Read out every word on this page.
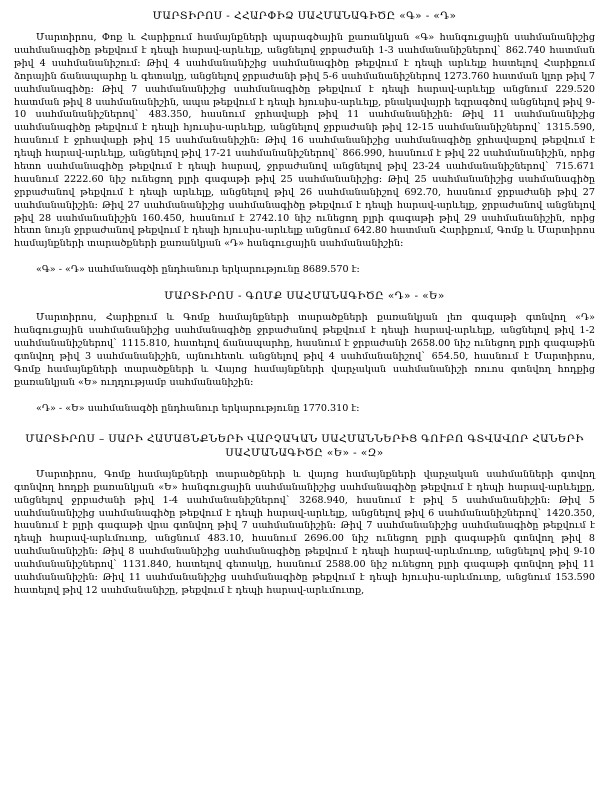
ՄԱՐՏԻՐՈՍ - ՀՀԱՐՓԻՁ ՍԱՀՄԱՆԱԳԻԾԸ «Գ» - «Դ»

Մարտիրոս, Փոք և Հարիքում համայնքների պարագծային քառանկյան «Գ» հանգուցային սահմանանիշից սահմանագիծը թեքվում է դեպի հարավ-արևելք, անցնելով ջրբաժանի 1-3 սահմանանիշներով` 862.740 հատման թիվ 4 սահմանանիշում։ Թիվ 4 սահմանանիշից սահմանագիծը թեքվում է դեպի արևելք հատելով Հարիքում ձորային ճանապարհը և գետակը, անցնելով ջրբաժանի թիվ 5-6 սահմանանիշներով 1273.760 հատման կլոր թիվ 7 սահմանագիծը։ Թիվ 7 սահմանանիշից սահմանագիծը թեքվում է դեպի հարավ-արևելք անցնում 229.520 հատման թիվ 8 սահմանանիշին, ապա թեքվում է դեպի հյուսիս-արևելք, բնակավայրի եզրագծով անցնելով թիվ 9-10 սահմանանիշներով` 483.350, հասնում ջրհավաքի թիվ 11 սահմանանիշին։ Թիվ 11 սահմանանիշից սահմանագիծը թեքվում է դեպի հյուսիս-արևելք, անցնելով ջրբաժանի թիվ 12-15 սահմանանիշներով` 1315.590, հասնում է ջրհավաքի թիվ 15 սահմանանիշին։ Թիվ 16 սահմանանիշից սահմանագիծը ջրհավաքով թեքվում է դեպի հարավ-արևելք, անցնելով թիվ 17-21 սահմանանիշներով` 866.990, հասնում է թիվ 22 սահմանանիշին, որից հետո սահմանագիծը թեքվում է դեպի հարավ, ջրբաժանով անցնելով թիվ 23-24 սահմանանիշներով` 715.671 հասնում 2222.60 նիշ ունեցող բլրի գագաթի թիվ 25 սահմանանիշից։ Թիվ 25 սահմանանիշից սահմանագիծը ջրբաժանով թեքվում է դեպի արևելք, անցնելով թիվ 26 սահմանանիշով 692.70, հասնում ջրբաժանի թիվ 27 սահմանանիշին։ Թիվ 27 սահմանանիշից սահմանագիծը թեքվում է դեպի հարավ-արևելք, ջրբաժանով անցնելով թիվ 28 սահմանանիշին 160.450, հասնում է 2742.10 նիշ ունեցող բլրի գագաթի թիվ 29 սահմանանիշին, որից հետո նույն ջրբաժանով թեքվում է դեպի հյուսիս-արևելք անցնում 642.80 հատման Հարիքում, Գոմք և Մարտիրոս համայնքների տարածքների քառանկյան «Դ» հանգուցային սահմանանիշին։

«Գ» - «Դ» սահմանագծի ընդհանուր երկարությունը 8689.570 է։

ՄԱՐՏԻՐՈՍ - ԳՈՄՔ ՍԱՀՄԱՆԱԳԻԾԸ «Դ» - «Ե»

Մարտիրոս, Հարիքում և Գոմք համայնքների տարածքների քառանկյան լեռ գագաթի գտնվող «Դ» հանգուցային սահմանանիշից սահմանագիծը ջրբաժանով թեքվում է դեպի հարավ-արևելք, անցնելով թիվ 1-2 սահմանանիշներով` 1115.810, հատելով ճանապարհը, հասնում է ջրբաժանի 2658.00 նիշ ունեցող բլրի գագաթին գտնվող թիվ 3 սահմանանիշին, այնուհետև անցնելով թիվ 4 սահմանանիշով` 654.50, հասնում է Մարտիրոս, Գոմք համայնքների տարածքների և Վայոց համայնքների վարչական սահմանանիշի ռուոս գտնվող հոդքից քառանկյան «Ե» ուղղությամբ սահմանանիշին։

«Դ» - «Ե» սահմանագծի ընդհանուր երկարությունը 1770.310 է։

ՄԱՐՏԻՐՈՍ – ՍԱՐԻ ՀԱՄԱՅՆՔՆԵՐԻ ՎԱՐՉԱԿԱՆ ՍԱՀՄԱՆՆԵՐԻՑ ԳՈՒԲՈ ԳՏՎԱՎՈՐ ՀԱՆԵՐԻ
ՍԱՀՄԱՆԱԳԻԾԸ «Ե» - «Զ»

Մարտիրոս, Գոմք համայնքների տարածքների և վայոց համայնքների վարչական սահմանների գտվող գտնվող հոդքի քառանկյան «Ե» հանգուցային սահմանանիշից սահմանագիծը թեքվում է դեպի հարավ-արևելքը, անցնելով ջրբաժանի թիվ 1-4 սահմանանիշներով` 3268.940, հասնում է թիվ 5 սահմանանիշին։ Թիվ 5 սահմանանիշից սահմանագիծը թեքվում է դեպի հարավ-արևելք, անցնելով թիվ 6 սահմանանիշներով` 1420.350, հասնում է բլրի գագաթի վրա գտնվող թիվ 7 սահմանանիշին։ Թիվ 7 սահմանանիշից սահմանագիծը թեքվում է դեպի հարավ-արևմուտք, անցնում 483.10, հասնում 2696.00 նիշ ունեցող բլրի գագաթին գտնվող թիվ 8 սահմանանիշին։ Թիվ 8 սահմանանիշից սահմանագիծը թեքվում է դեպի հարավ-արևմուտք, անցնելով թիվ 9-10 սահմանանիշներով` 1131.840, հատելով գետակը, հասնում 2588.00 նիշ ունեցող բլրի գագաթի գտնվող թիվ 11 սահմանանիշին։ Թիվ 11 սահմանանիշից սահմանագիծը թեքվում է դեպի հյուսիս-արևմուտք, անցնում 153.590 հատելով թիվ 12 սահմանանիշը, թեքվում է դեպի հարավ-արևմուտք,
